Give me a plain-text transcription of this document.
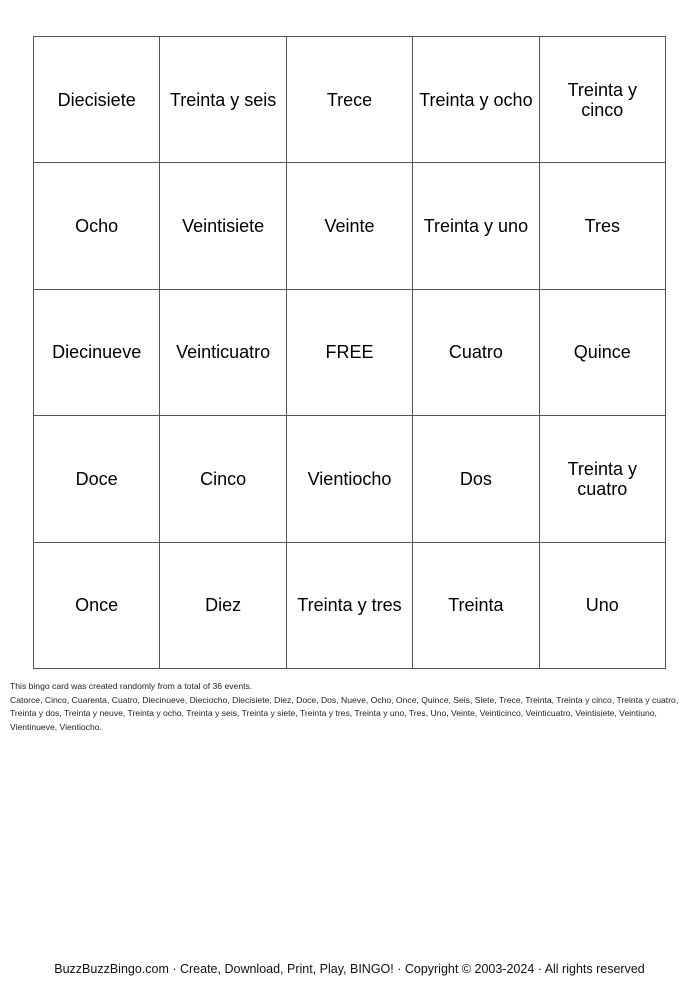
Diecisiete	Treinta y seis	Trece	Treinta y ocho	Treinta y cinco
Ocho	Veintisiete	Veinte	Treinta y uno	Tres
Diecinueve	Veinticuatro	FREE	Cuatro	Quince
Doce	Cinco	Vientiocho	Dos	Treinta y cuatro
Once	Diez	Treinta y tres	Treinta	Uno
This bingo card was created randomly from a total of 36 events.
Catorce, Cinco, Cuarenta, Cuatro, Diecinueve, Dieciocho, Diecisiete, Diez, Doce, Dos, Nueve, Ocho, Once, Quince, Seis, Siete, Trece, Treinta, Treinta y cinco, Treinta y cuatro, Treinta y dos, Treinta y neuve, Treinta y ocho, Treinta y seis, Treinta y siete, Treinta y tres, Treinta y uno, Tres, Uno, Veinte, Veinticinco, Veinticuatro, Veintisiete, Veintiuno, Vientinueve, Vientiocho.
BuzzBuzzBingo.com · Create, Download, Print, Play, BINGO! · Copyright © 2003-2024 · All rights reserved
